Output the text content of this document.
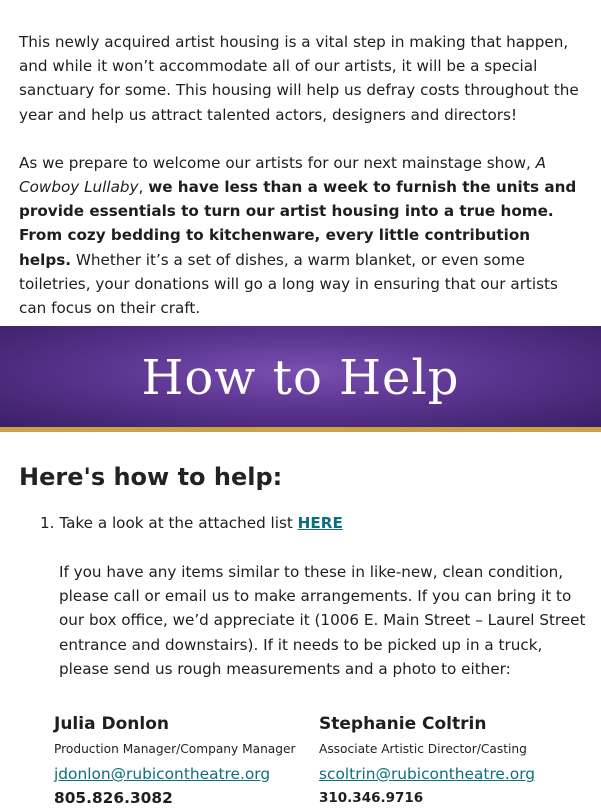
This newly acquired artist housing is a vital step in making that happen, and while it won’t accommodate all of our artists, it will be a special sanctuary for some. This housing will help us defray costs throughout the year and help us attract talented actors, designers and directors!

As we prepare to welcome our artists for our next mainstage show, A Cowboy Lullaby, we have less than a week to furnish the units and provide essentials to turn our artist housing into a true home. From cozy bedding to kitchenware, every little contribution helps. Whether it’s a set of dishes, a warm blanket, or even some toiletries, your donations will go a long way in ensuring that our artists can focus on their craft.

How to Help
Here's how to help:
1. Take a look at the attached list HERE
If you have any items similar to these in like-new, clean condition, please call or email us to make arrangements. If you can bring it to our box office, we’d appreciate it (1006 E. Main Street – Laurel Street entrance and downstairs). If it needs to be picked up in a truck, please send us rough measurements and a photo to either:
Julia Donlon
Production Manager/Company Manager
jdonlon@rubicontheatre.org
805.826.3082
Stephanie Coltrin
Associate Artistic Director/Casting
scoltrin@rubicontheatre.org
310.346.9716
